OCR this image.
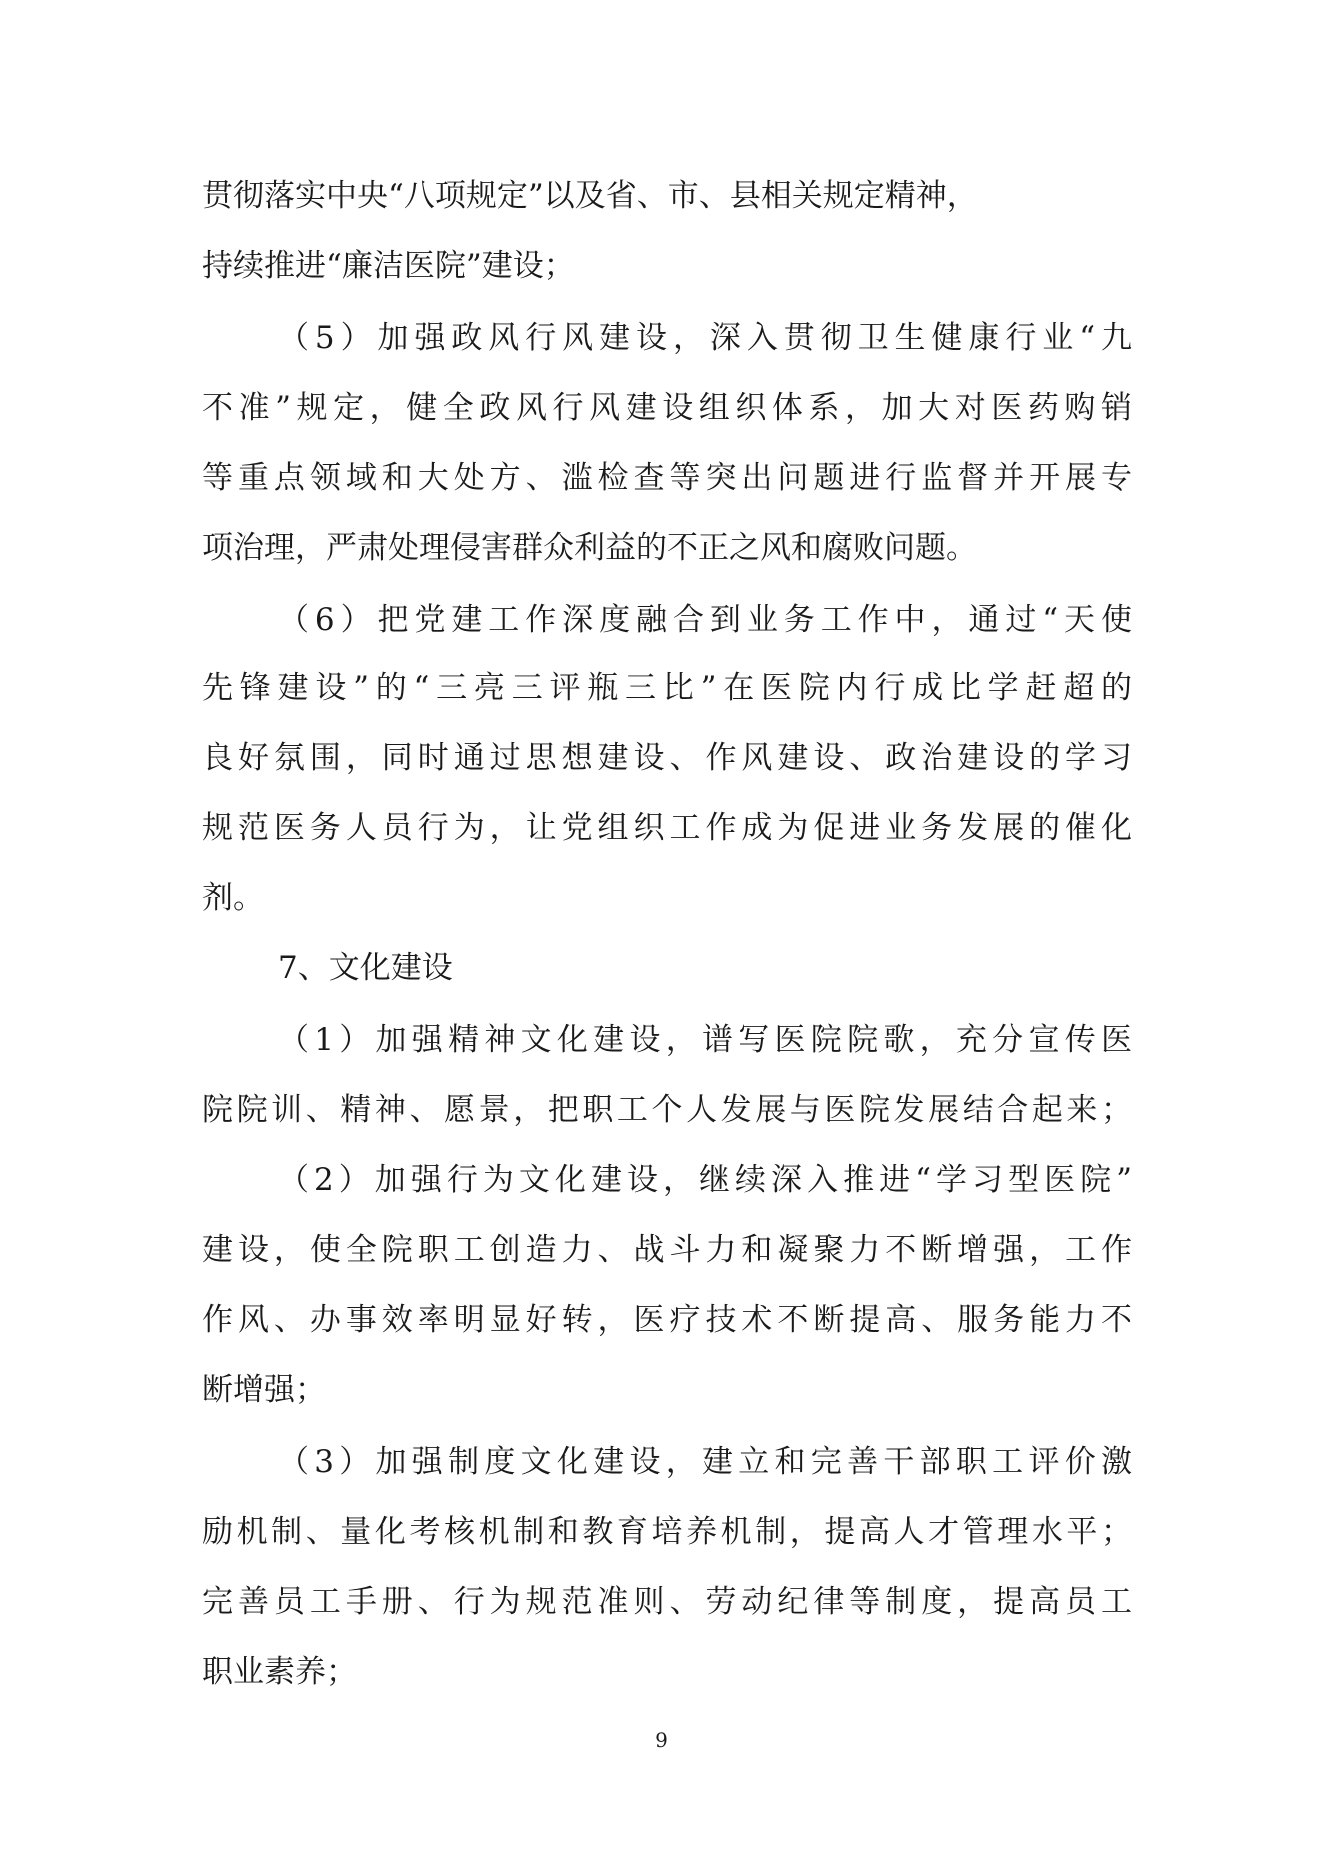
贯彻落实中央“八项规定”以及省、市、县相关规定精神，
持续推进“廉洁医院”建设；
（5）加强政风行风建设，深入贯彻卫生健康行业“九
不准”规定，健全政风行风建设组织体系，加大对医药购销
等重点领域和大处方、滥检查等突出问题进行监督并开展专
项治理，严肃处理侵害群众利益的不正之风和腐败问题。
（6）把党建工作深度融合到业务工作中，通过“天使
先锋建设”的“三亮三评瓶三比”在医院内行成比学赶超的
良好氛围，同时通过思想建设、作风建设、政治建设的学习
规范医务人员行为，让党组织工作成为促进业务发展的催化
剂。
7、文化建设
（1）加强精神文化建设，谱写医院院歌，充分宣传医
院院训、精神、愿景，把职工个人发展与医院发展结合起来；
（2）加强行为文化建设，继续深入推进“学习型医院”
建设，使全院职工创造力、战斗力和凝聚力不断增强，工作
作风、办事效率明显好转，医疗技术不断提高、服务能力不
断增强；
（3）加强制度文化建设，建立和完善干部职工评价激
励机制、量化考核机制和教育培养机制，提高人才管理水平；
完善员工手册、行为规范准则、劳动纪律等制度，提高员工
职业素养；
9
